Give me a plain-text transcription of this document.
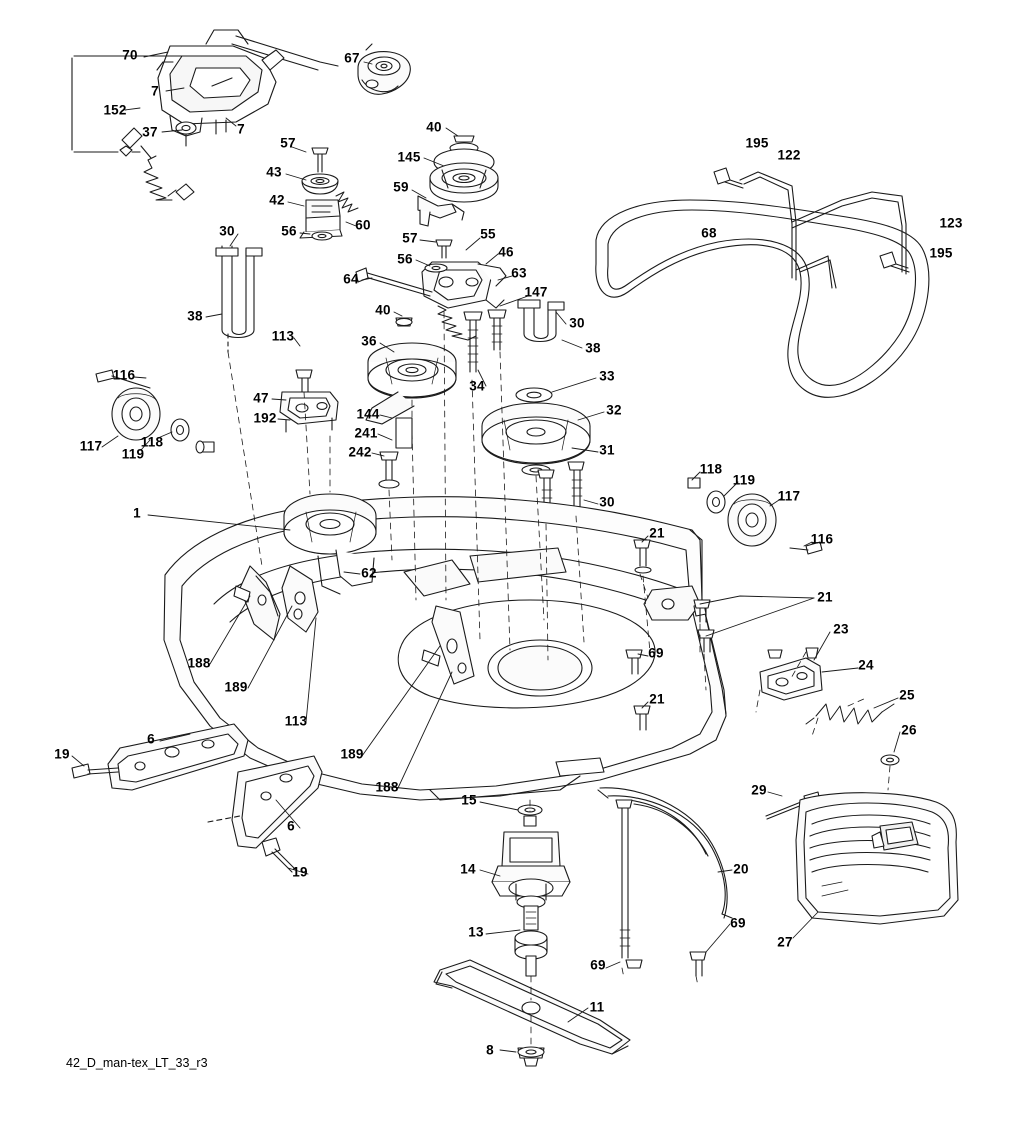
70	67
7
152
7
37
57
40
145
195
122
43
59
42
56	60	123
68
30	57	55
46
56	195
64	63
147
38	40
30
113
38
36
116
34
33
47
144	32
192
117
119
118
241
242	31
118
119
117
30
1
21	116
21
62
23
69
24
188
189
21	25
26
113
19
6
189
29
188
15
6
20
19	14
27
69
13
69
11
8
42_D_man-tex_LT_33_r3
